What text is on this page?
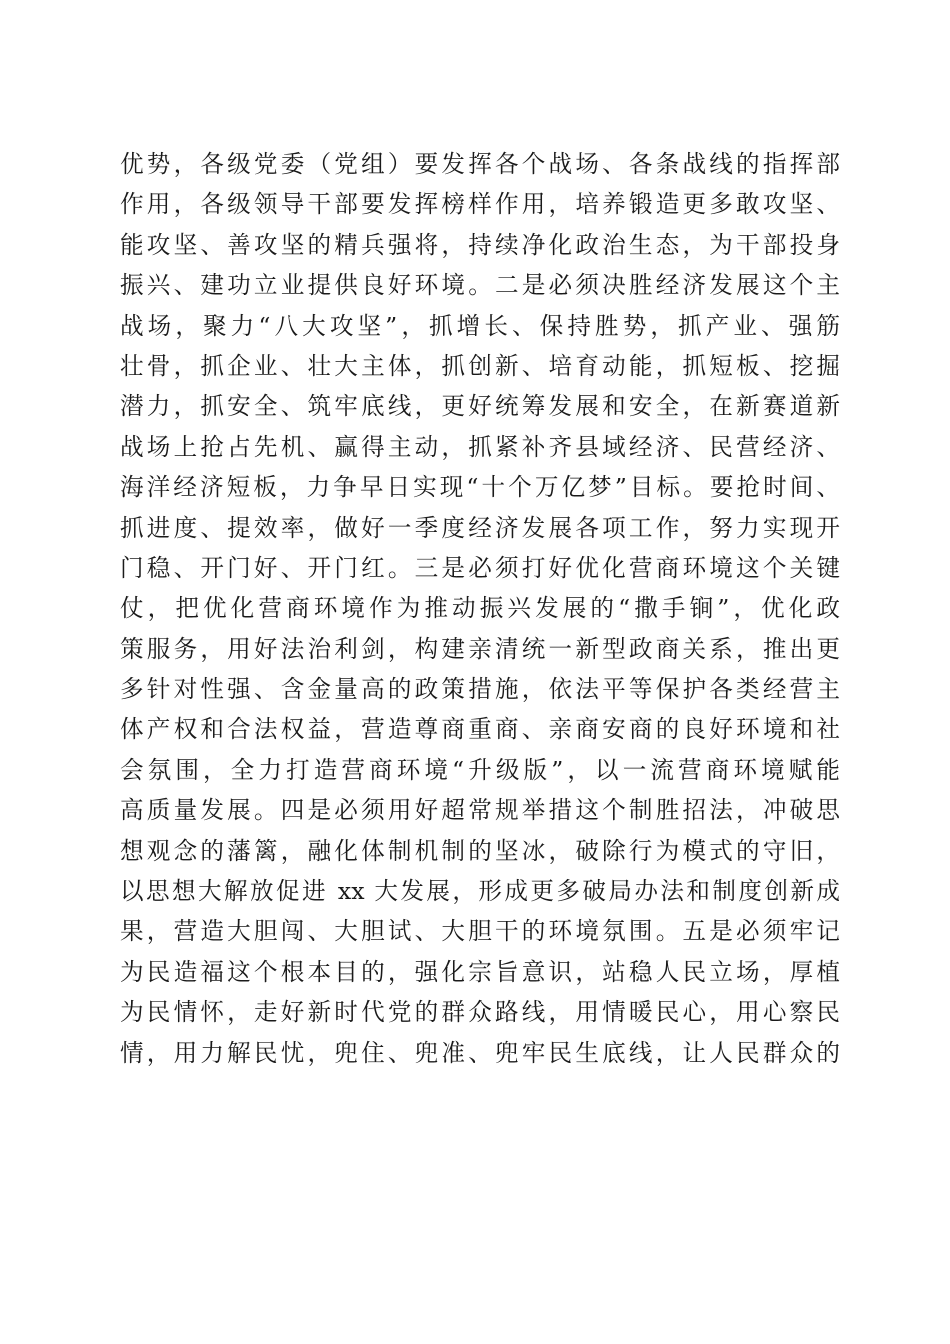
优势，各级党委（党组）要发挥各个战场、各条战线的指挥部
作用，各级领导干部要发挥榜样作用，培养锻造更多敢攻坚、
能攻坚、善攻坚的精兵强将，持续净化政治生态，为干部投身
振兴、建功立业提供良好环境。二是必须决胜经济发展这个主
战场，聚力“八大攻坚”，抓增长、保持胜势，抓产业、强筋
壮骨，抓企业、壮大主体，抓创新、培育动能，抓短板、挖掘
潜力，抓安全、筑牢底线，更好统筹发展和安全，在新赛道新
战场上抢占先机、赢得主动，抓紧补齐县域经济、民营经济、
海洋经济短板，力争早日实现“十个万亿梦”目标。要抢时间、
抓进度、提效率，做好一季度经济发展各项工作，努力实现开
门稳、开门好、开门红。三是必须打好优化营商环境这个关键
仗，把优化营商环境作为推动振兴发展的“撒手锏”，优化政
策服务，用好法治利剑，构建亲清统一新型政商关系，推出更
多针对性强、含金量高的政策措施，依法平等保护各类经营主
体产权和合法权益，营造尊商重商、亲商安商的良好环境和社
会氛围，全力打造营商环境“升级版”，以一流营商环境赋能
高质量发展。四是必须用好超常规举措这个制胜招法，冲破思
想观念的藩篱，融化体制机制的坚冰，破除行为模式的守旧，
以思想大解放促进 xx 大发展，形成更多破局办法和制度创新成
果，营造大胆闯、大胆试、大胆干的环境氛围。五是必须牢记
为民造福这个根本目的，强化宗旨意识，站稳人民立场，厚植
为民情怀，走好新时代党的群众路线，用情暖民心，用心察民
情，用力解民忧，兜住、兜准、兜牢民生底线，让人民群众的
